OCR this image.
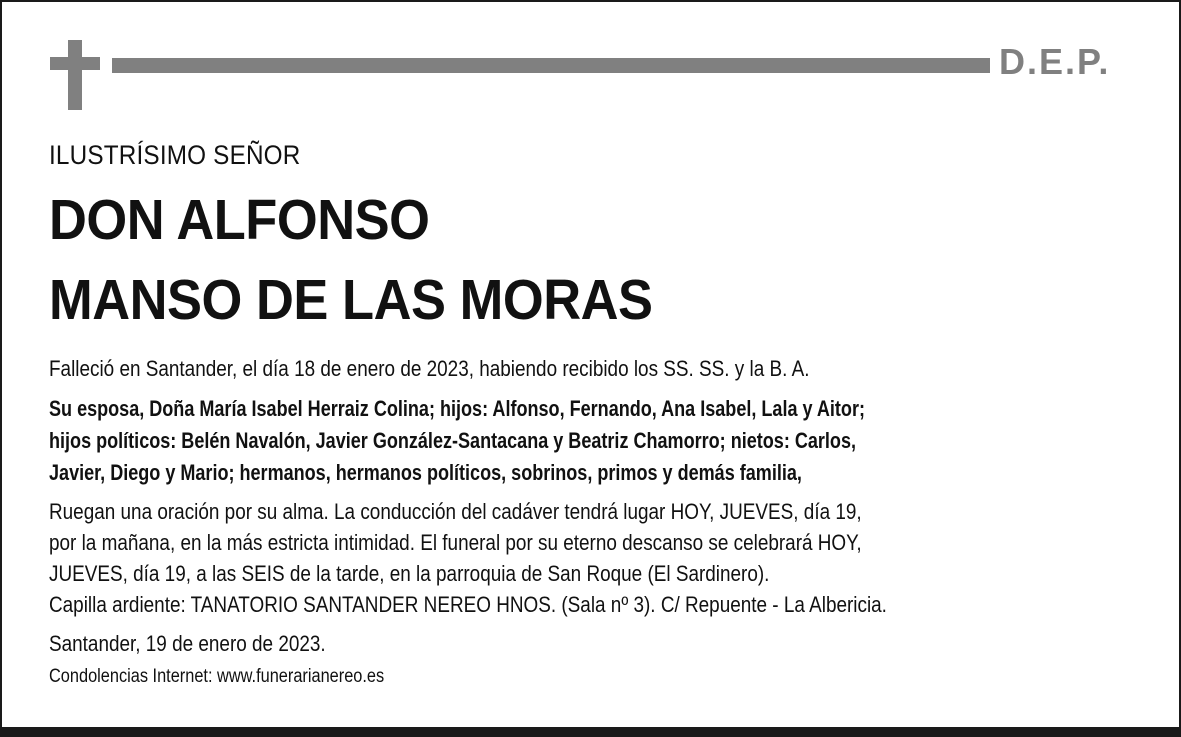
D.E.P.
ILUSTRÍSIMO SEÑOR
DON ALFONSO
MANSO DE LAS MORAS
Falleció en Santander, el día 18 de enero de 2023, habiendo recibido los SS. SS. y la B. A.
Su esposa, Doña María Isabel Herraiz Colina; hijos: Alfonso, Fernando, Ana Isabel, Lala y Aitor;
hijos políticos: Belén Navalón, Javier González-Santacana y Beatriz Chamorro; nietos: Carlos,
Javier, Diego y Mario; hermanos, hermanos políticos, sobrinos, primos y demás familia,
Ruegan una oración por su alma. La conducción del cadáver tendrá lugar HOY, JUEVES, día 19,
por la mañana, en la más estricta intimidad. El funeral por su eterno descanso se celebrará HOY,
JUEVES, día 19, a las SEIS de la tarde, en la parroquia de San Roque (El Sardinero).
Capilla ardiente: TANATORIO SANTANDER NEREO HNOS. (Sala nº 3). C/ Repuente - La Albericia.
Santander, 19 de enero de 2023.
Condolencias Internet: www.funerarianereo.es
